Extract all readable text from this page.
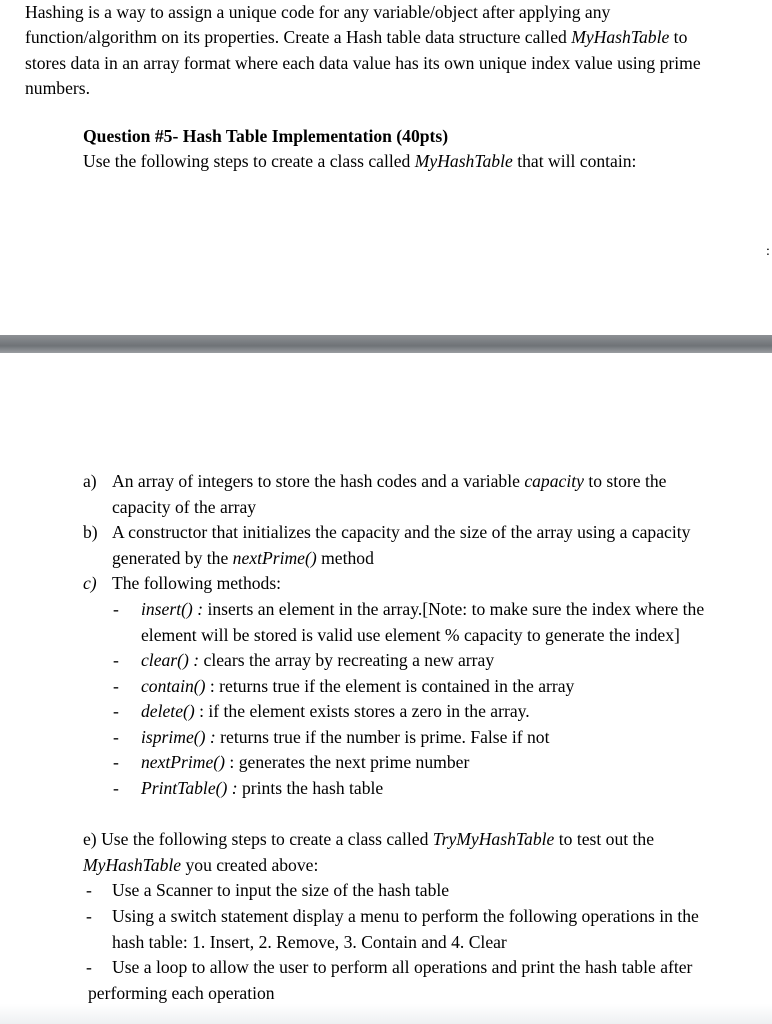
Hashing is a way to assign a unique code for any variable/object after applying any
function/algorithm on its properties. Create a Hash table data structure called MyHashTable to
stores data in an array format where each data value has its own unique index value using prime
numbers.
Question #5- Hash Table Implementation (40pts)
Use the following steps to create a class called MyHashTable that will contain:
:
a) An array of integers to store the hash codes and a variable capacity to store the
capacity of the array
b) A constructor that initializes the capacity and the size of the array using a capacity
generated by the nextPrime() method
c) The following methods:
- insert() : inserts an element in the array.[Note: to make sure the index where the
element will be stored is valid use element % capacity to generate the index]
- clear() : clears the array by recreating a new array
- contain() : returns true if the element is contained in the array
- delete() : if the element exists stores a zero in the array.
- isprime() : returns true if the number is prime. False if not
- nextPrime() : generates the next prime number
- PrintTable() : prints the hash table
e) Use the following steps to create a class called TryMyHashTable to test out the
MyHashTable you created above:
- Use a Scanner to input the size of the hash table
- Using a switch statement display a menu to perform the following operations in the
hash table: 1. Insert, 2. Remove, 3. Contain and 4. Clear
- Use a loop to allow the user to perform all operations and print the hash table after
performing each operation
